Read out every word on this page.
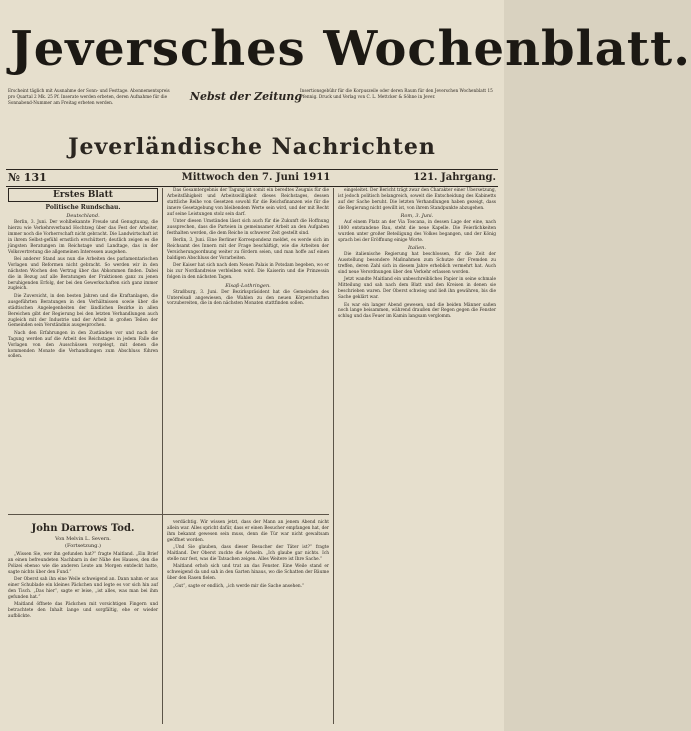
Jeversches Wochenblatt.
Erscheint täglich mit Ausnahme der Sonn- und Festtage. Abonnementspreis pro Quartal 2 Mk. 25 Pf. Inserate werden erbeten, deren Aufnahme für die Sonnabend-Nummer am Freitag erbeten werden.	Nebst der Zeitung
Insertionsgebühr für die Korpuszeile oder deren Raum für den Jeverschen Wochenblatt 15 Pfennig. Druck und Verlag von C. L. Mettcker & Söhne in Jever.
Jeverländische Nachrichten
№ 131	Mittwoch den 7. Juni 1911	121. Jahrgang.
Erstes Blatt
Politische Rundschau.
Deutschland.

Berlin, 3. Juni. Der wohlbekannte Freude und Genugtuung, die hierzu wie Verkehrsverband Hochtzeg über das Fest der Arbeiter, immer noch die Vorherrschaft nicht gebracht. Die Landwirtschaft ist in ihrem Selbst-gefühl ernstlich erschüttert; deutlich zeigen es die jüngsten Beratungen im Reichstage und Landtage, das in der Volksvertretung die allgemeinen Interessen ausgehen.

Bei anderer Stand aus nun die Arbeiten des parlamentarischen Vorlagen und Reformen nicht gebracht. So werden wir in den nächsten Wochen den Vertrag über das Abkommen finden. Dabei die in Bezug auf alle Beratungen der Fraktionen ganz zu jenen beruhigenden Erfolg, der bei den Gewerkschaften sich ganz immer zugleich.

Die Zuversicht, in den besten Jahren und die Kraftanlagen, die ausgeführten Beratungen in den Verhältnissen sowie über die städtischen Angelegenheiten der ländlichen Bezirke in allen Bereichen gibt der Regierung bei den letzten Verhandlungen auch zugleich mit der Industrie und der Arbeit in großen Teilen der Gemeinden sein Verständnis ausgesprochen.

Nach den Erfahrungen in den Zuständen vor und nach der Tagung werden auf die Arbeit des Reichstages in jedem Falle die Vorlagen von den Ausschüssen vorgelegt, mit denen die kommenden Monate die Verhandlungen zum Abschluss führen sollen.

Das Gesamtergebnis der Tagung ist somit ein beredtes Zeugnis für die Arbeitsfähigkeit und Arbeitswilligkeit dieses Reichstages, dessen stattliche Reihe von Gesetzen sowohl für die Reichsfinanzen wie für die innere Gesetzgebung von bleibendem Werte sein wird, und der mit Recht auf seine Leistungen stolz sein darf.

Unter diesen Umständen lässt sich auch für die Zukunft die Hoffnung aussprechen, dass die Parteien in gemeinsamer Arbeit an den Aufgaben festhalten werden, die dem Reiche in schwerer Zeit gestellt sind.

Berlin, 3. Juni. Eine Berliner Korrespondenz meldet, es werde sich im Reichsamt des Innern mit der Frage beschäftigt, wie die Arbeiten der Versicherungsordnung weiter zu fördern seien, und man hoffe auf einen baldigen Abschluss der Vorarbeiten.

Der Kaiser hat sich nach dem Neuen Palais in Potsdam begeben, wo er bis zur Nordlandreise verbleiben wird. Die Kaiserin und die Prinzessin folgen in den nächsten Tagen.

Elsaß-Lothringen.

Straßburg, 3. Juni. Der Bezirkspräsident hat die Gemeinden des Unterelsaß angewiesen, die Wahlen zu den neuen Körperschaften vorzubereiten, die in den nächsten Monaten stattfinden sollen.

eingeleitet. Der Bericht trägt zwar den Charakter einer Übersetzung, ist jedoch politisch belangreich, soweit die Entscheidung des Kabinetts auf der Sache beruht. Die letzten Verhandlungen haben gezeigt, dass die Regierung nicht gewillt ist, von ihrem Standpunkte abzugehen.

Rom, 3. Juni.

Auf einem Platz an der Via Toscana, in dessen Lage der eine, nach 1800 entstandene Bau, steht die neue Kapelle. Die Feierlichkeiten wurden unter großer Beteiligung des Volkes begangen, und der König sprach bei der Eröffnung einige Worte.

Italien.

Die italienische Regierung hat beschlossen, für die Zeit der Ausstellung besondere Maßnahmen zum Schutze der Fremden zu treffen, deren Zahl sich in diesem Jahre erheblich vermehrt hat. Auch sind neue Verordnungen über den Verkehr erlassen worden.

Jetzt wandte Maitland ein unbeschreibliches Papier in seine schmale Mitteilung und sah nach dem Blatt und den Kreisen in denen sie beschrieben waren. Der Oberst schwieg und ließ ihn gewähren, bis die Sache geklärt war.

Es war ein langer Abend gewesen, und die beiden Männer saßen noch lange beisammen, während draußen der Regen gegen die Fenster schlug und das Feuer im Kamin langsam verglomm.

John Darrows Tod.
Von Melvin L. Severn.
(Fortsetzung.)

„Wissen Sie, wer ihn gefunden hat?“ fragte Maitland. „Ein Brief an einen befreundeten Nachbarn in der Nähe des Hauses, den die Polizei ebenso wie die anderen Leute am Morgen entdeckt hatte, sagte nichts über den Fund.“

Der Oberst sah ihn eine Weile schweigend an. Dann nahm er aus einer Schublade ein kleines Päckchen und legte es vor sich hin auf den Tisch. „Das hier“, sagte er leise, „ist alles, was man bei ihm gefunden hat.“

Maitland öffnete das Päckchen mit vorsichtigen Fingern und betrachtete den Inhalt lange und sorgfältig, ehe er wieder aufblickte.

verdächtig. Wir wissen jetzt, dass der Mann an jenem Abend nicht allein war. Alles spricht dafür, dass er einen Besucher empfangen hat, der ihm bekannt gewesen sein muss, denn die Tür war nicht gewaltsam geöffnet worden.

„Und Sie glauben, dass dieser Besucher der Täter ist?“ fragte Maitland. Der Oberst zuckte die Achseln. „Ich glaube gar nichts. Ich stelle nur fest, was die Tatsachen zeigen. Alles Weitere ist Ihre Sache.“

Maitland erhob sich und trat an das Fenster. Eine Weile stand er schweigend da und sah in den Garten hinaus, wo die Schatten der Bäume über den Rasen fielen.

„Gut“, sagte er endlich, „ich werde mir die Sache ansehen.“
